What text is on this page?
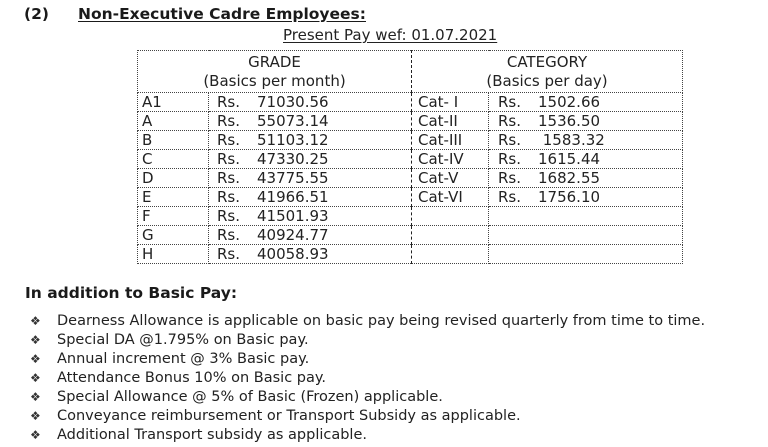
(2) Non-Executive Cadre Employees:
Present Pay wef: 01.07.2021
GRADE
(Basics per month)

CATEGORY
(Basics per day)

A1	Rs. 71030.56	Cat- I	Rs. 1502.66
A	Rs. 55073.14	Cat-II	Rs. 1536.50
B	Rs. 51103.12	Cat-III	Rs. 1583.32
C	Rs. 47330.25	Cat-IV	Rs. 1615.44
D	Rs. 43775.55	Cat-V	Rs. 1682.55
E	Rs. 41966.51	Cat-VI	Rs. 1756.10
F	Rs. 41501.93		
G	Rs. 40924.77		
H	Rs. 40058.93		
In addition to Basic Pay:
❖ Dearness Allowance is applicable on basic pay being revised quarterly from time to time.
❖ Special DA @1.795% on Basic pay.
❖ Annual increment @ 3% Basic pay.
❖ Attendance Bonus 10% on Basic pay.
❖ Special Allowance @ 5% of Basic (Frozen) applicable.
❖ Conveyance reimbursement or Transport Subsidy as applicable.
❖ Additional Transport subsidy as applicable.
